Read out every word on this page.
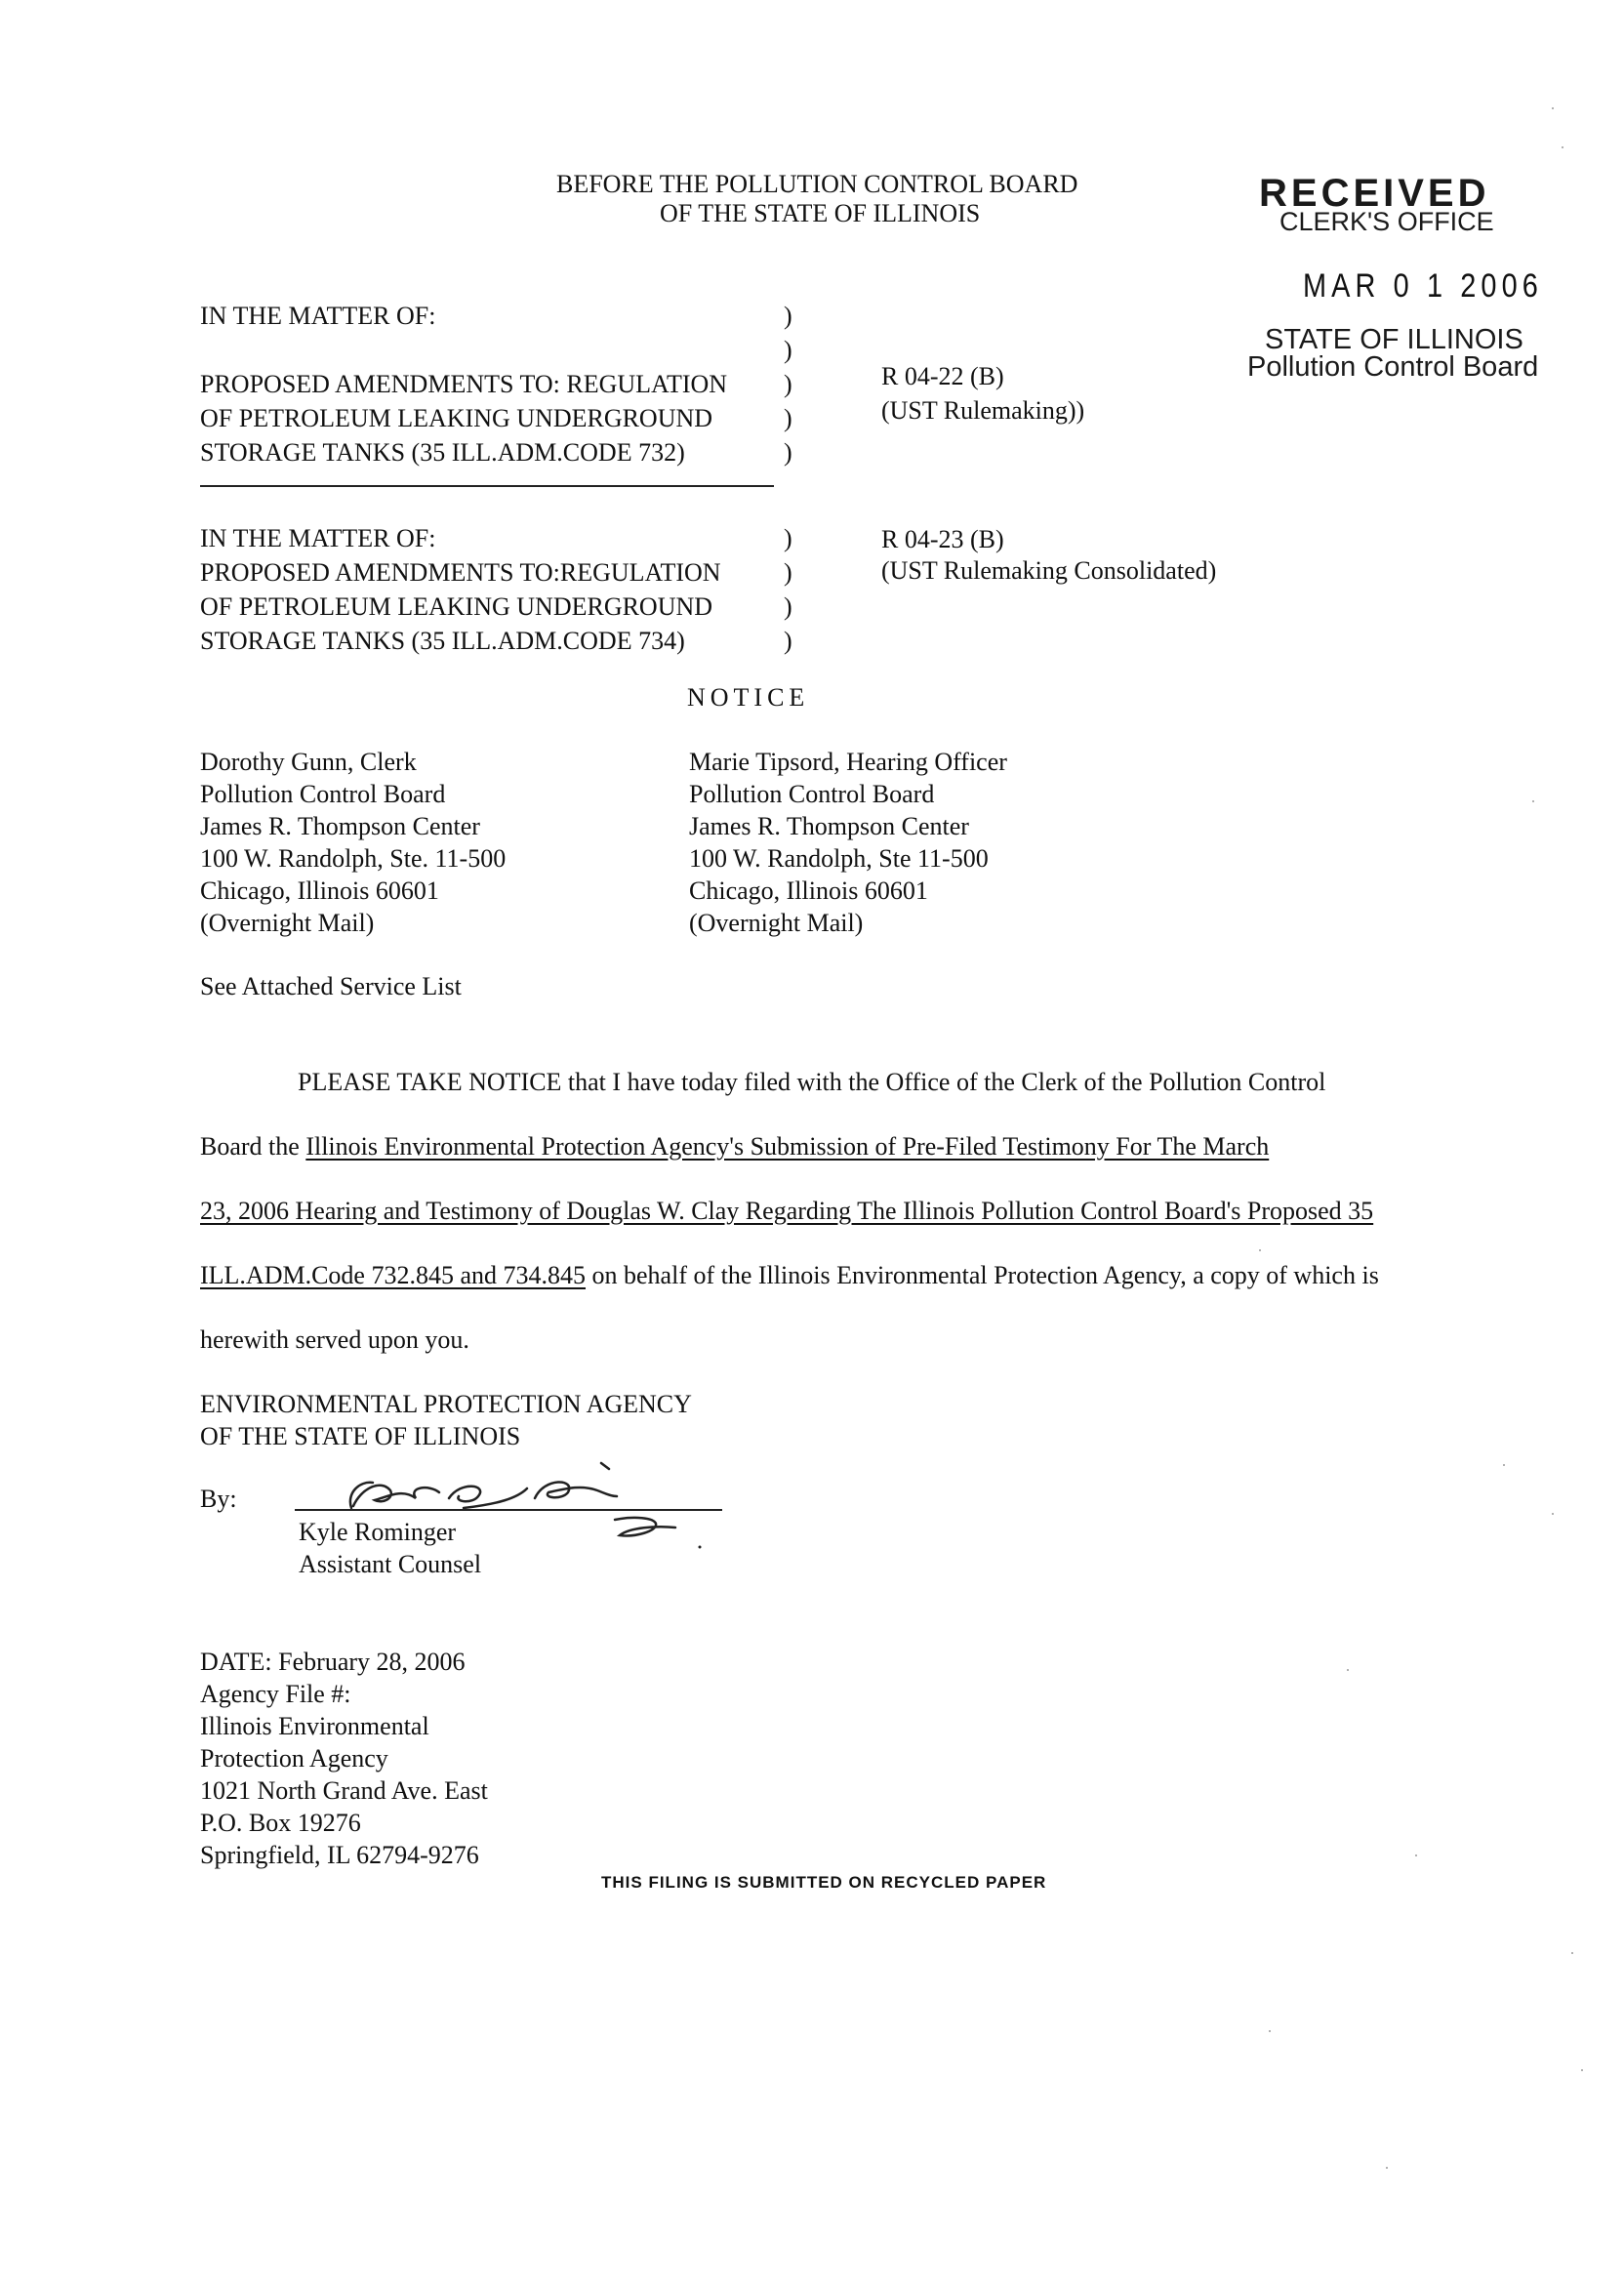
BEFORE THE POLLUTION CONTROL BOARD
OF THE STATE OF ILLINOIS	RECEIVED
CLERK'S OFFICE
MAR 0 1 2006
STATE OF ILLINOIS
Pollution Control Board
IN THE MATTER OF:
PROPOSED AMENDMENTS TO: REGULATION
OF PETROLEUM LEAKING UNDERGROUND
STORAGE TANKS (35 ILL.ADM.CODE 732)
)
)
)
)
)
R 04-22 (B)
(UST Rulemaking))
IN THE MATTER OF:
PROPOSED AMENDMENTS TO:REGULATION
OF PETROLEUM LEAKING UNDERGROUND
STORAGE TANKS (35 ILL.ADM.CODE 734)
)
)
)
)
R 04-23 (B)
(UST Rulemaking Consolidated)
NOTICE
Dorothy Gunn, Clerk
Pollution Control Board
James R. Thompson Center
100 W. Randolph, Ste. 11-500
Chicago, Illinois 60601
(Overnight Mail)
Marie Tipsord, Hearing Officer
Pollution Control Board
James R. Thompson Center
100 W. Randolph, Ste 11-500
Chicago, Illinois 60601
(Overnight Mail)
See Attached Service List
PLEASE TAKE NOTICE that I have today filed with the Office of the Clerk of the Pollution Control
Board the Illinois Environmental Protection Agency's Submission of Pre-Filed Testimony For The March
23, 2006 Hearing and Testimony of Douglas W. Clay Regarding The Illinois Pollution Control Board's Proposed 35
ILL.ADM.Code 732.845 and 734.845 on behalf of the Illinois Environmental Protection Agency, a copy of which is
herewith served upon you.
ENVIRONMENTAL PROTECTION AGENCY
OF THE STATE OF ILLINOIS
By:
Kyle Rominger
Assistant Counsel
DATE: February 28, 2006
Agency File #:
Illinois Environmental
Protection Agency
1021 North Grand Ave. East
P.O. Box 19276
Springfield, IL 62794-9276
THIS FILING IS SUBMITTED ON RECYCLED PAPER
